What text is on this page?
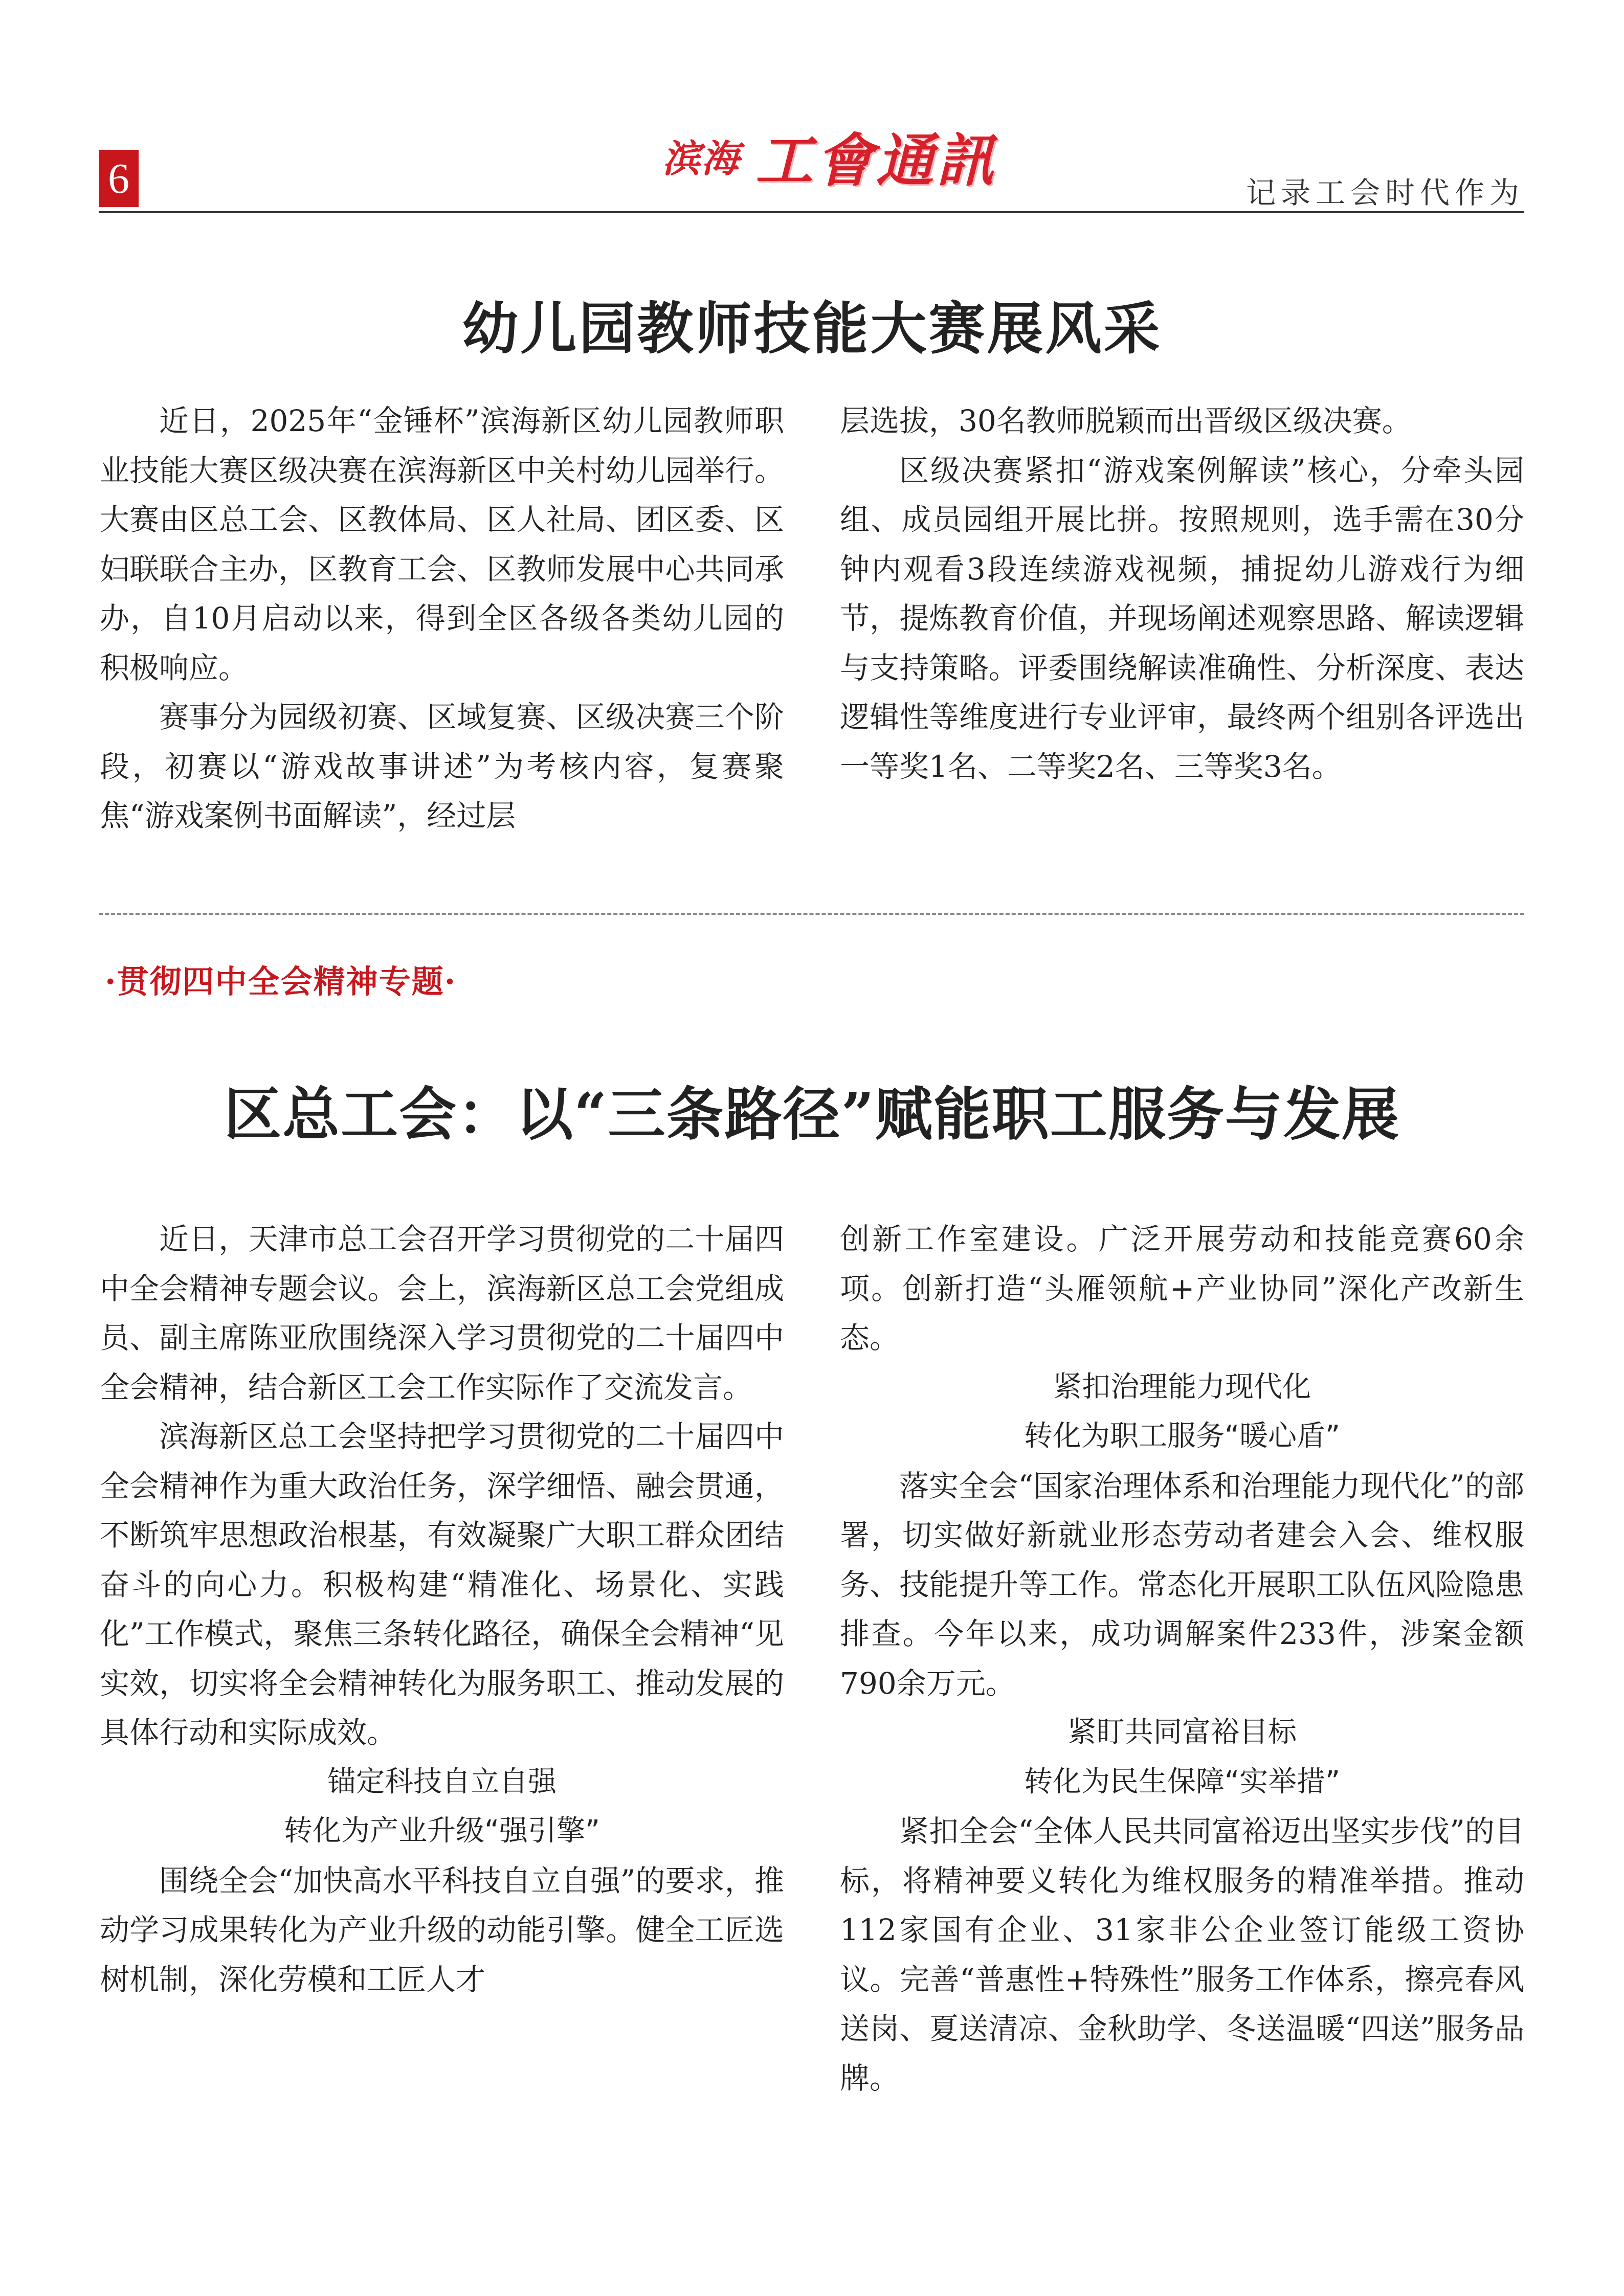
6	滨海 工會通訊	记录工会时代作为
幼儿园教师技能大赛展风采

近日，2025年“金锤杯”滨海新区幼儿园教师职业技能大赛区级决赛在滨海新区中关村幼儿园举行。大赛由区总工会、区教体局、区人社局、团区委、区妇联联合主办，区教育工会、区教师发展中心共同承办，自10月启动以来，得到全区各级各类幼儿园的积极响应。

赛事分为园级初赛、区域复赛、区级决赛三个阶段，初赛以“游戏故事讲述”为考核内容，复赛聚焦“游戏案例书面解读”，经过层

层选拔，30名教师脱颖而出晋级区级决赛。

区级决赛紧扣“游戏案例解读”核心，分牵头园组、成员园组开展比拼。按照规则，选手需在30分钟内观看3段连续游戏视频，捕捉幼儿游戏行为细节，提炼教育价值，并现场阐述观察思路、解读逻辑与支持策略。评委围绕解读准确性、分析深度、表达逻辑性等维度进行专业评审，最终两个组别各评选出一等奖1名、二等奖2名、三等奖3名。

·贯彻四中全会精神专题·
区总工会：以“三条路径”赋能职工服务与发展

近日，天津市总工会召开学习贯彻党的二十届四中全会精神专题会议。会上，滨海新区总工会党组成员、副主席陈亚欣围绕深入学习贯彻党的二十届四中全会精神，结合新区工会工作实际作了交流发言。

滨海新区总工会坚持把学习贯彻党的二十届四中全会精神作为重大政治任务，深学细悟、融会贯通，不断筑牢思想政治根基，有效凝聚广大职工群众团结奋斗的向心力。积极构建“精准化、场景化、实践化”工作模式，聚焦三条转化路径，确保全会精神“见实效，切实将全会精神转化为服务职工、推动发展的具体行动和实际成效。

锚定科技自立自强

转化为产业升级“强引擎”

围绕全会“加快高水平科技自立自强”的要求，推动学习成果转化为产业升级的动能引擎。健全工匠选树机制，深化劳模和工匠人才

创新工作室建设。广泛开展劳动和技能竞赛60余项。创新打造“头雁领航+产业协同”深化产改新生态。

紧扣治理能力现代化

转化为职工服务“暖心盾”

落实全会“国家治理体系和治理能力现代化”的部署，切实做好新就业形态劳动者建会入会、维权服务、技能提升等工作。常态化开展职工队伍风险隐患排查。今年以来，成功调解案件233件，涉案金额790余万元。

紧盯共同富裕目标

转化为民生保障“实举措”

紧扣全会“全体人民共同富裕迈出坚实步伐”的目标，将精神要义转化为维权服务的精准举措。推动112家国有企业、31家非公企业签订能级工资协议。完善“普惠性+特殊性”服务工作体系，擦亮春风送岗、夏送清凉、金秋助学、冬送温暖“四送”服务品牌。
